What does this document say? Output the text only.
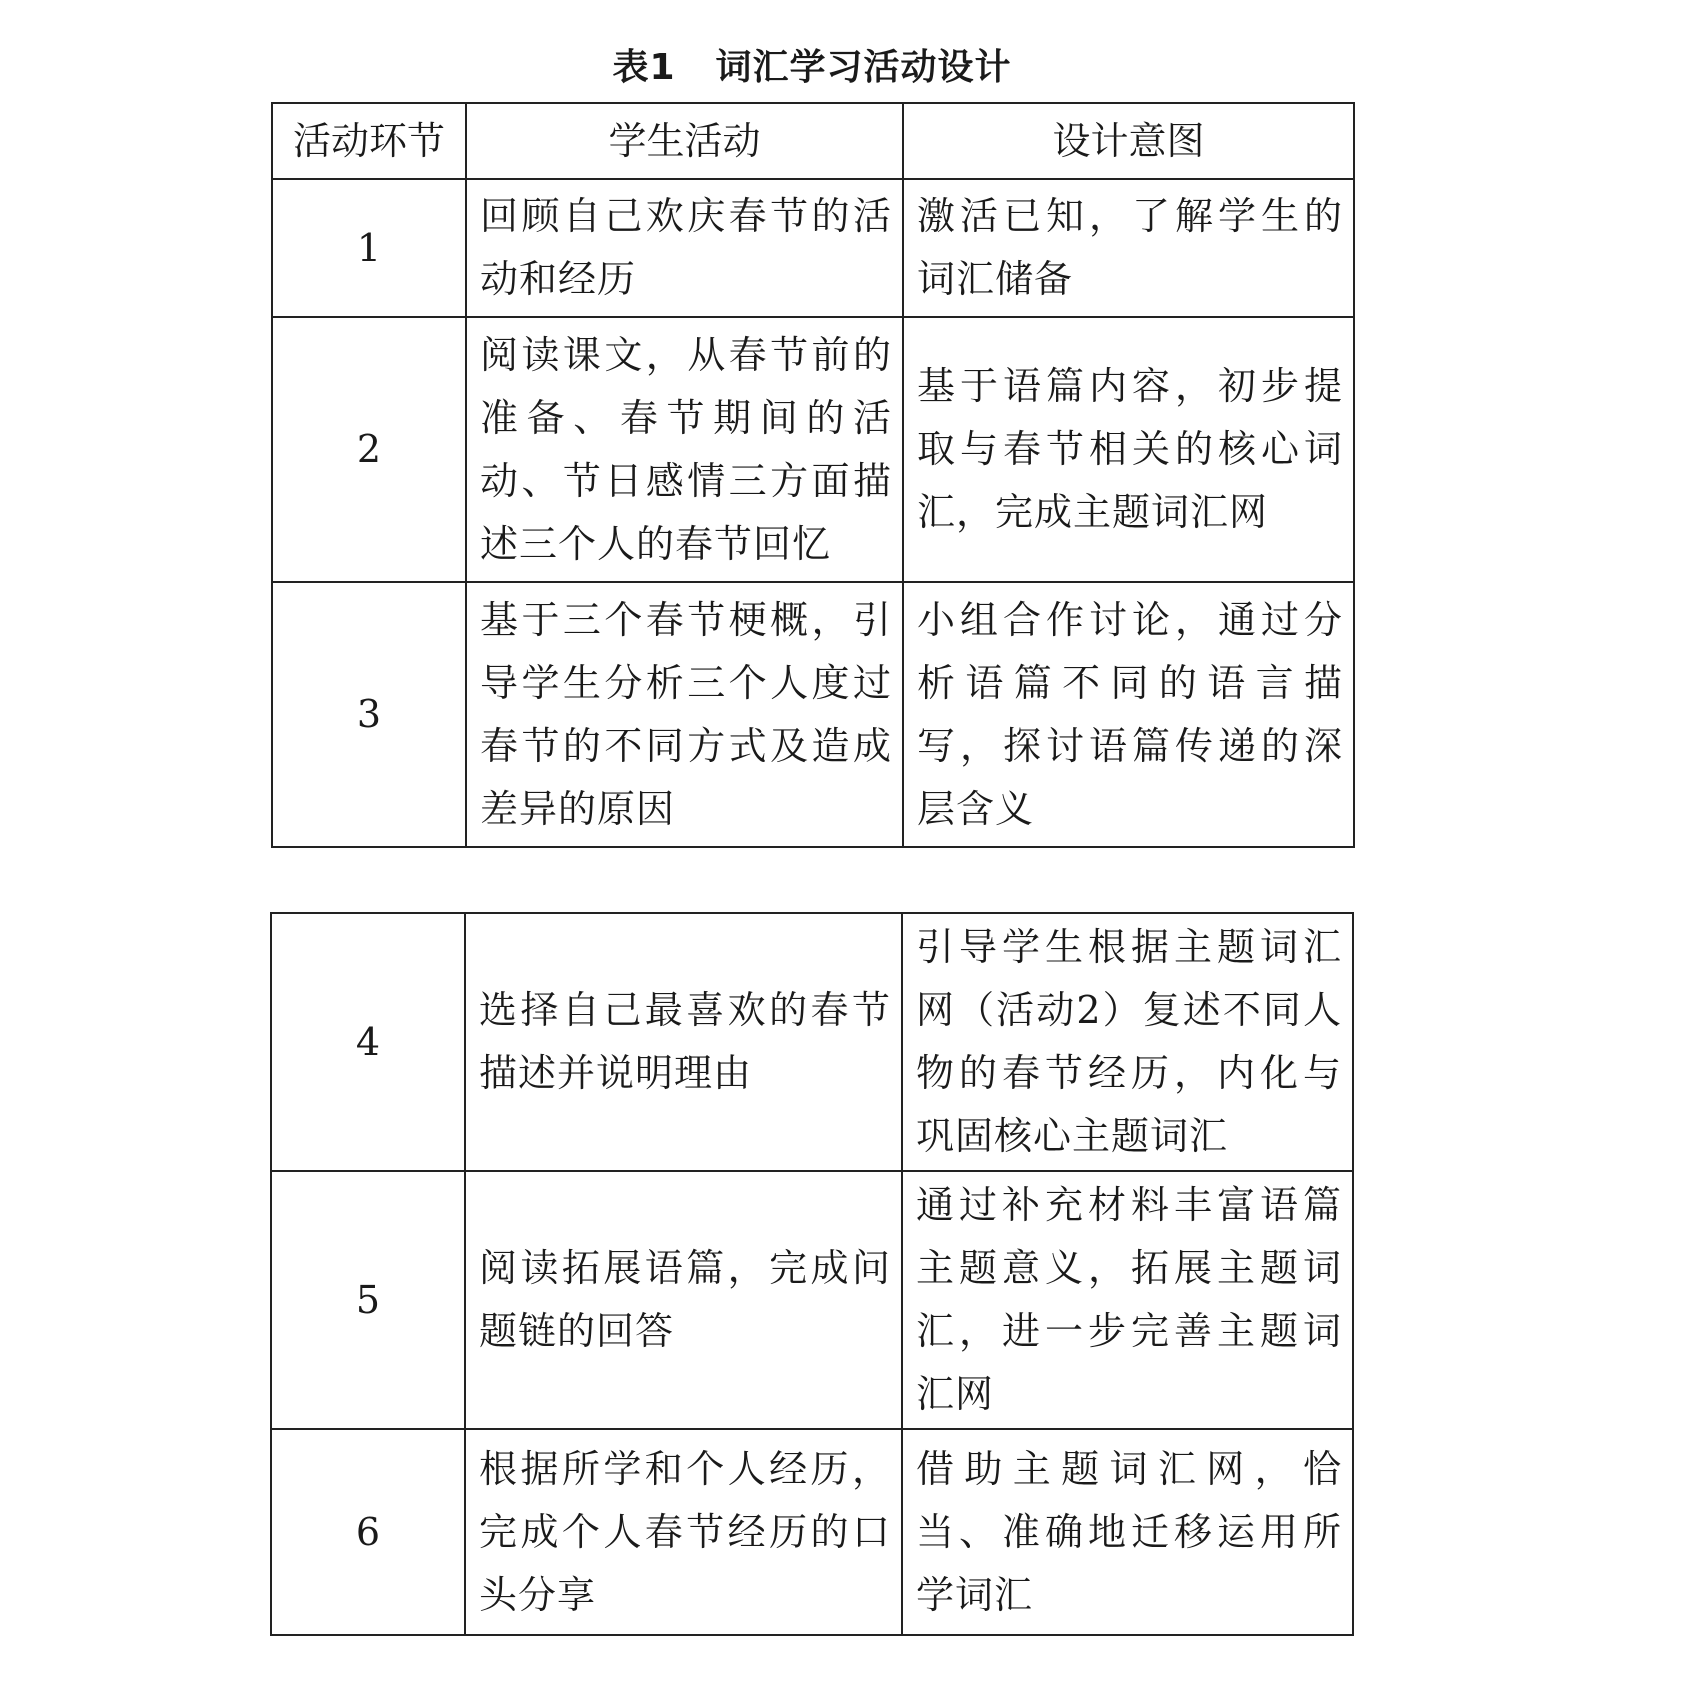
表1 词汇学习活动设计
活动环节	学生活动	设计意图
1	回顾自己欢庆春节的活动和经历	激活已知，了解学生的词汇储备
2	阅读课文，从春节前的准备、春节期间的活动、节日感情三方面描述三个人的春节回忆	基于语篇内容，初步提取与春节相关的核心词汇，完成主题词汇网
3	基于三个春节梗概，引导学生分析三个人度过春节的不同方式及造成差异的原因	小组合作讨论，通过分析语篇不同的语言描写，探讨语篇传递的深层含义
4	选择自己最喜欢的春节描述并说明理由	引导学生根据主题词汇网（活动2）复述不同人物的春节经历，内化与巩固核心主题词汇
5	阅读拓展语篇，完成问题链的回答	通过补充材料丰富语篇主题意义，拓展主题词汇，进一步完善主题词汇网
6	根据所学和个人经历，完成个人春节经历的口头分享	借助主题词汇网，恰当、准确地迁移运用所学词汇
